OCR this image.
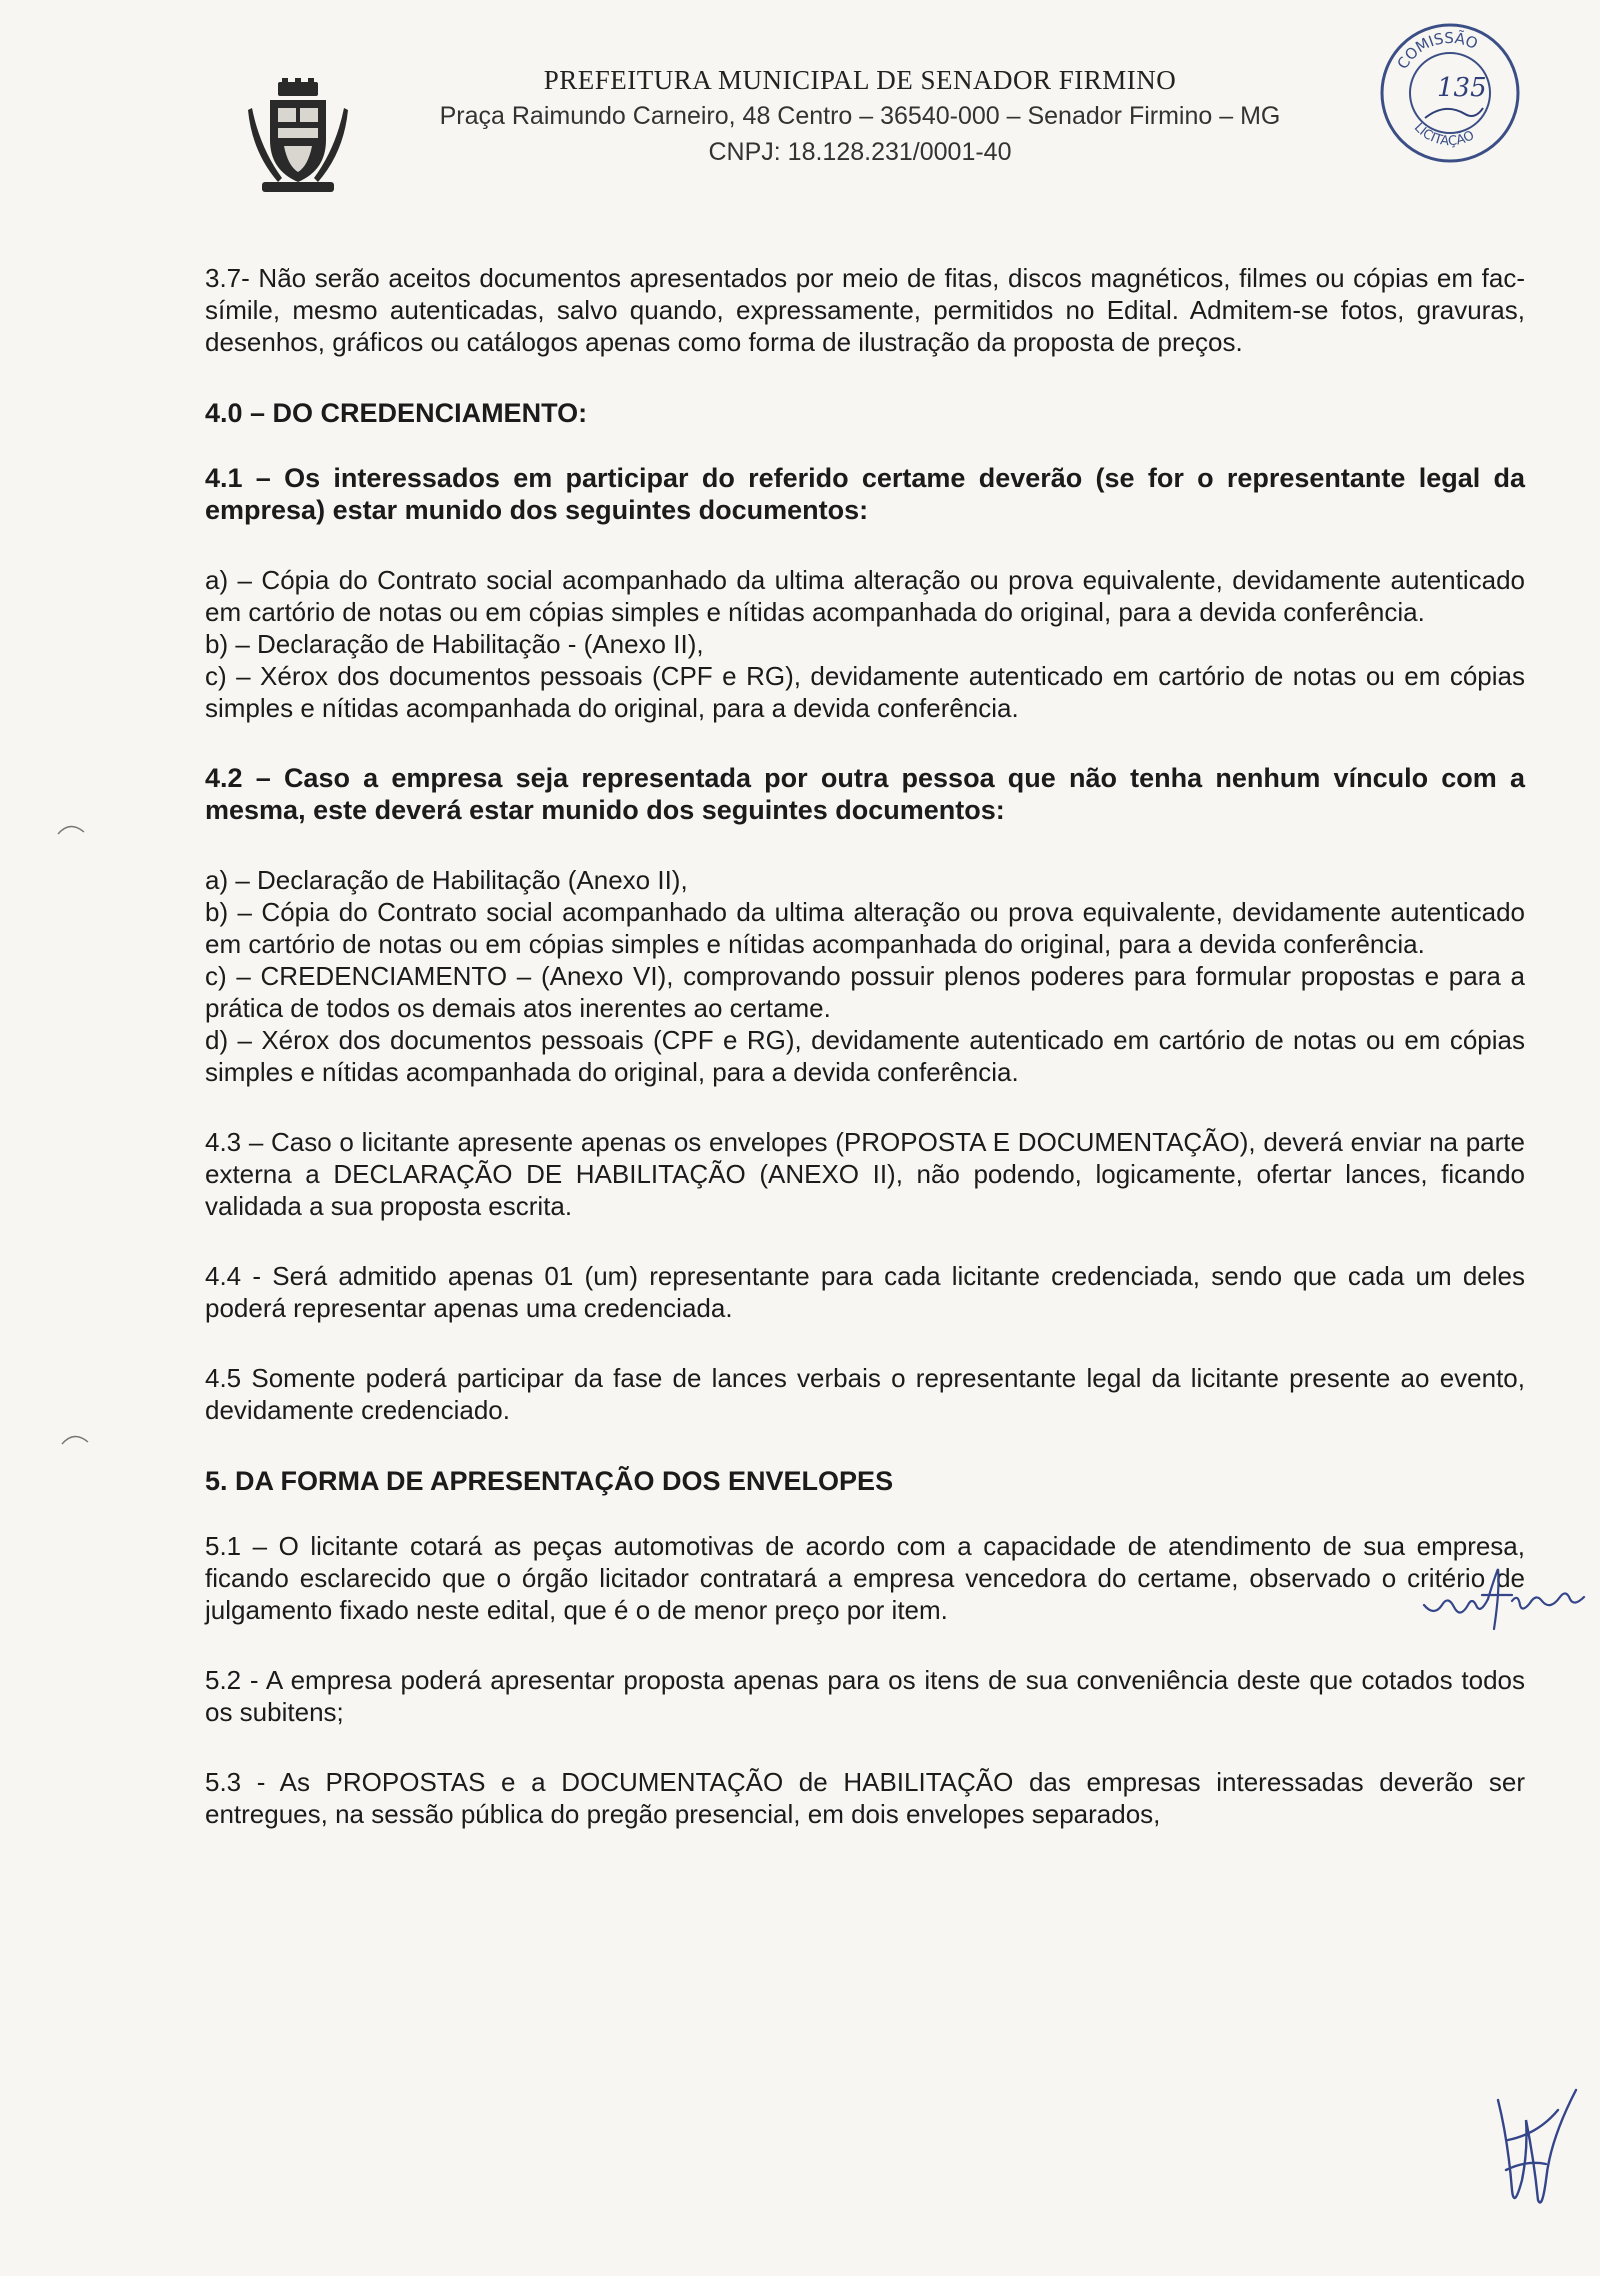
PREFEITURA MUNICIPAL DE SENADOR FIRMINO

Praça Raimundo Carneiro, 48 Centro – 36540-000 – Senador Firmino – MG

CNPJ: 18.128.231/0001-40

COMISSÃO
LICITAÇÃO
135

3.7- Não serão aceitos documentos apresentados por meio de fitas, discos magnéticos, filmes ou cópias em fac-símile, mesmo autenticadas, salvo quando, expressamente, permitidos no Edital. Admitem-se fotos, gravuras, desenhos, gráficos ou catálogos apenas como forma de ilustração da proposta de preços.

4.0 – DO CREDENCIAMENTO:

4.1 – Os interessados em participar do referido certame deverão (se for o representante legal da empresa) estar munido dos seguintes documentos:

a) – Cópia do Contrato social acompanhado da ultima alteração ou prova equivalente, devidamente autenticado em cartório de notas ou em cópias simples e nítidas acompanhada do original, para a devida conferência.

b) – Declaração de Habilitação - (Anexo II),

c) – Xérox dos documentos pessoais (CPF e RG), devidamente autenticado em cartório de notas ou em cópias simples e nítidas acompanhada do original, para a devida conferência.

4.2 – Caso a empresa seja representada por outra pessoa que não tenha nenhum vínculo com a mesma, este deverá estar munido dos seguintes documentos:

a) – Declaração de Habilitação (Anexo II),

b) – Cópia do Contrato social acompanhado da ultima alteração ou prova equivalente, devidamente autenticado em cartório de notas ou em cópias simples e nítidas acompanhada do original, para a devida conferência.

c) – CREDENCIAMENTO – (Anexo VI), comprovando possuir plenos poderes para formular propostas e para a prática de todos os demais atos inerentes ao certame.

d) – Xérox dos documentos pessoais (CPF e RG), devidamente autenticado em cartório de notas ou em cópias simples e nítidas acompanhada do original, para a devida conferência.

4.3 – Caso o licitante apresente apenas os envelopes (PROPOSTA E DOCUMENTAÇÃO), deverá enviar na parte externa a DECLARAÇÃO DE HABILITAÇÃO (ANEXO II), não podendo, logicamente, ofertar lances, ficando validada a sua proposta escrita.

4.4 - Será admitido apenas 01 (um) representante para cada licitante credenciada, sendo que cada um deles poderá representar apenas uma credenciada.

4.5 Somente poderá participar da fase de lances verbais o representante legal da licitante presente ao evento, devidamente credenciado.

5. DA FORMA DE APRESENTAÇÃO DOS ENVELOPES

5.1 – O licitante cotará as peças automotivas de acordo com a capacidade de atendimento de sua empresa, ficando esclarecido que o órgão licitador contratará a empresa vencedora do certame, observado o critério de julgamento fixado neste edital, que é o de menor preço por item.

5.2 - A empresa poderá apresentar proposta apenas para os itens de sua conveniência deste que cotados todos os subitens;

5.3 - As PROPOSTAS e a DOCUMENTAÇÃO de HABILITAÇÃO das empresas interessadas deverão ser entregues, na sessão pública do pregão presencial, em dois envelopes separados,
